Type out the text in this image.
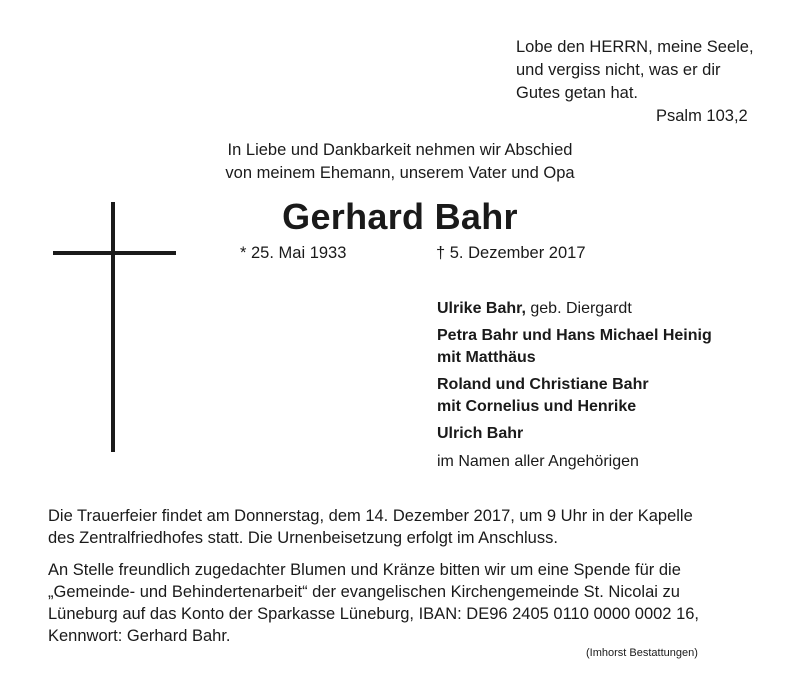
Lobe den HERRN, meine Seele,
und vergiss nicht, was er dir
Gutes getan hat.
Psalm 103,2
In Liebe und Dankbarkeit nehmen wir Abschied
von meinem Ehemann, unserem Vater und Opa
Gerhard Bahr
* 25. Mai 1933	† 5. Dezember 2017
Ulrike Bahr, geb. Diergardt
Petra Bahr und Hans Michael Heinig
mit Matthäus
Roland und Christiane Bahr
mit Cornelius und Henrike
Ulrich Bahr
im Namen aller Angehörigen
Die Trauerfeier findet am Donnerstag, dem 14. Dezember 2017, um 9 Uhr in der Kapelle
des Zentralfriedhofes statt. Die Urnenbeisetzung erfolgt im Anschluss.
An Stelle freundlich zugedachter Blumen und Kränze bitten wir um eine Spende für die
„Gemeinde- und Behindertenarbeit“ der evangelischen Kirchengemeinde St. Nicolai zu
Lüneburg auf das Konto der Sparkasse Lüneburg, IBAN: DE96 2405 0110 0000 0002 16,
Kennwort: Gerhard Bahr.
(Imhorst Bestattungen)
